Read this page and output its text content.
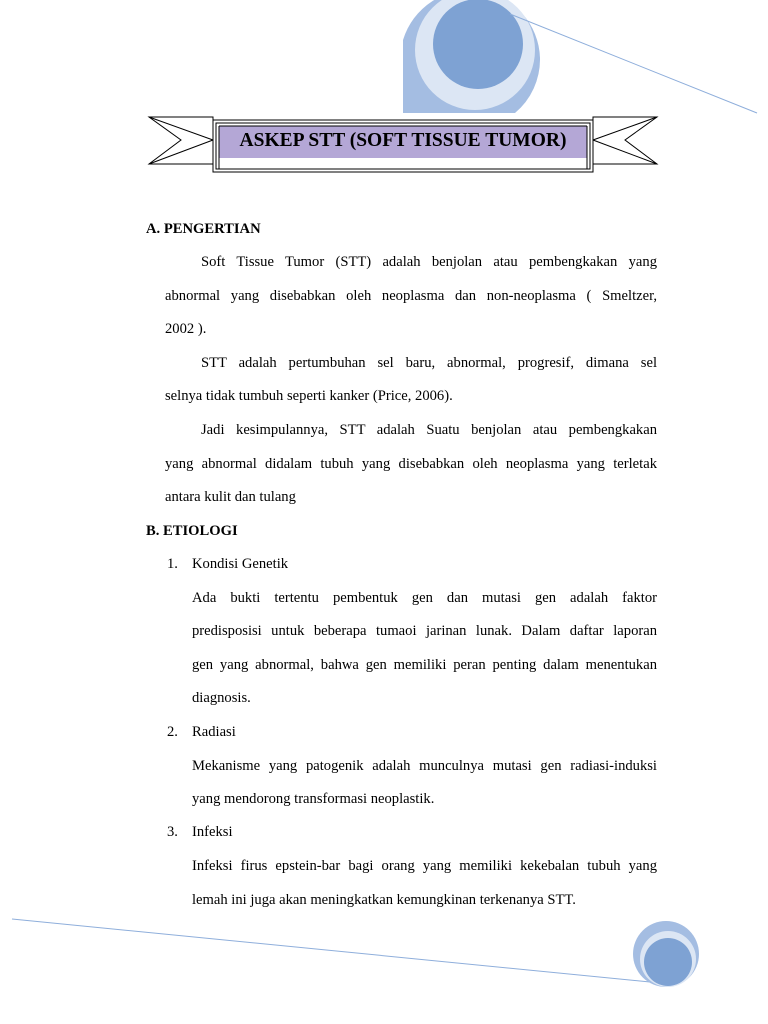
ASKEP STT (SOFT TISSUE TUMOR)
A. PENGERTIAN
Soft Tissue Tumor (STT) adalah benjolan atau pembengkakan yang
abnormal yang disebabkan oleh neoplasma dan non-neoplasma ( Smeltzer,
2002 ).
STT adalah pertumbuhan sel baru, abnormal, progresif, dimana sel
selnya tidak tumbuh seperti kanker (Price, 2006).
Jadi kesimpulannya, STT adalah Suatu benjolan atau pembengkakan
yang abnormal didalam tubuh yang disebabkan oleh neoplasma yang terletak
antara kulit dan tulang
B. ETIOLOGI
1. Kondisi Genetik
Ada bukti tertentu pembentuk gen dan mutasi gen adalah faktor
predisposisi untuk beberapa tumaoi jarinan lunak. Dalam daftar laporan
gen yang abnormal, bahwa gen memiliki peran penting dalam menentukan
diagnosis.
2. Radiasi
Mekanisme yang patogenik adalah munculnya mutasi gen radiasi-induksi
yang mendorong transformasi neoplastik.
3. Infeksi
Infeksi firus epstein-bar bagi orang yang memiliki kekebalan tubuh yang
lemah ini juga akan meningkatkan kemungkinan terkenanya STT.
